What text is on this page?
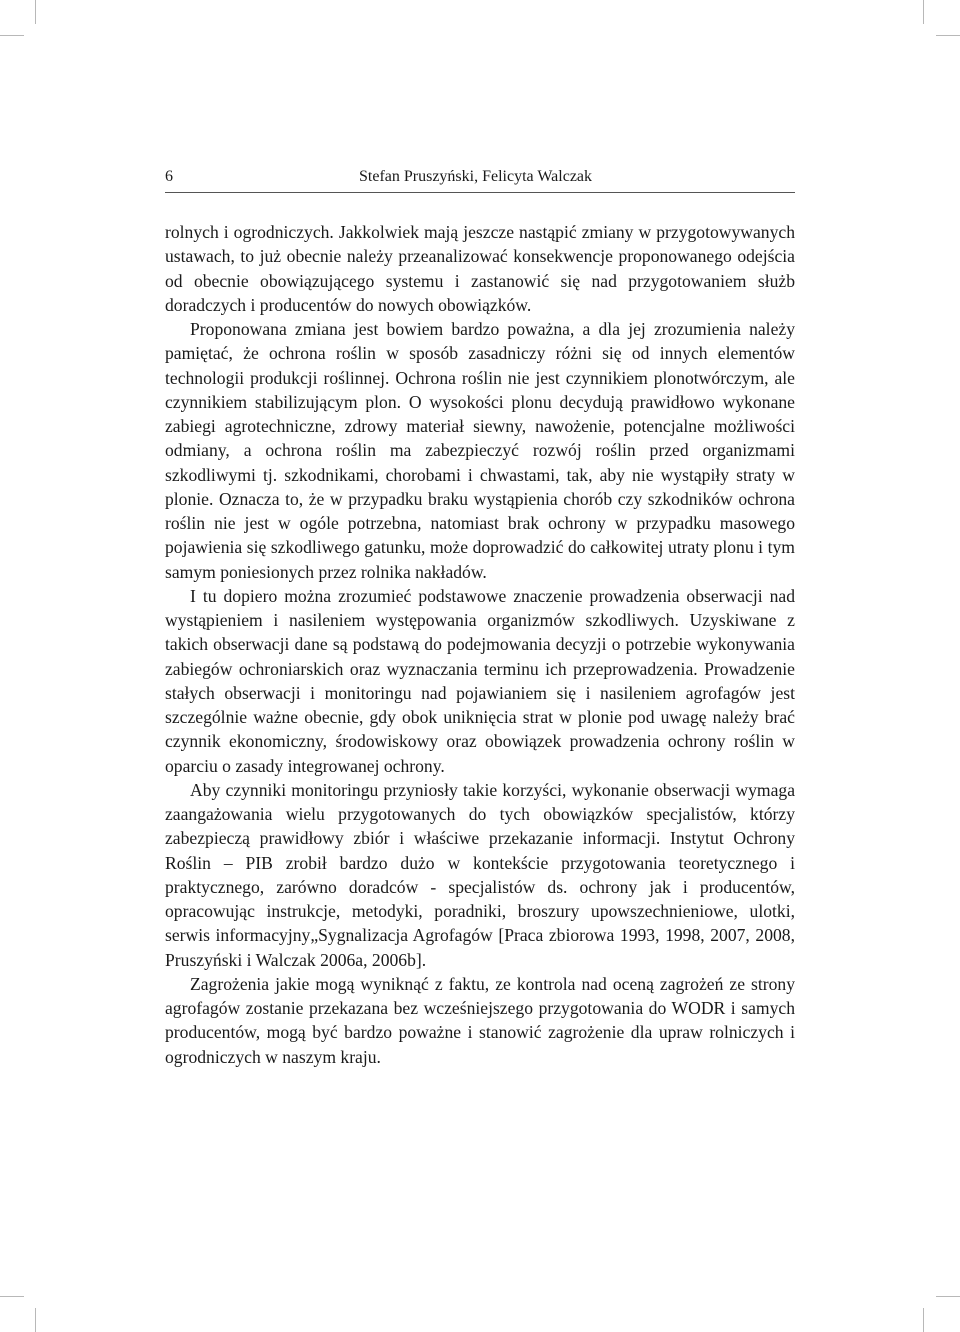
6	Stefan Pruszyński, Felicyta Walczak

rolnych i ogrodniczych. Jakkolwiek mają jeszcze nastąpić zmiany w przygotowywanych ustawach, to już obecnie należy przeanalizować konsekwencje proponowanego odejścia od obecnie obowiązującego systemu i zastanowić się nad przygotowaniem służb doradczych i producentów do nowych obowiązków.

Proponowana zmiana jest bowiem bardzo poważna, a dla jej zrozumienia należy pamiętać, że ochrona roślin w sposób zasadniczy różni się od innych elementów technologii produkcji roślinnej. Ochrona roślin nie jest czynnikiem plonotwórczym, ale czynnikiem stabilizującym plon. O wysokości plonu decydują prawidłowo wykonane zabiegi agrotechniczne, zdrowy materiał siewny, nawożenie, potencjalne możliwości odmiany, a ochrona roślin ma zabezpieczyć rozwój roślin przed organizmami szkodliwymi tj. szkodnikami, chorobami i chwastami, tak, aby nie wystąpiły straty w plonie. Oznacza to, że w przypadku braku wystąpienia chorób czy szkodników ochrona roślin nie jest w ogóle potrzebna, natomiast brak ochrony w przypadku masowego pojawienia się szkodliwego gatunku, może doprowadzić do całkowitej utraty plonu i tym samym poniesionych przez rolnika nakładów.

I tu dopiero można zrozumieć podstawowe znaczenie prowadzenia obserwacji nad wystąpieniem i nasileniem występowania organizmów szkodliwych. Uzyskiwane z takich obserwacji dane są podstawą do podejmowania decyzji o potrzebie wykonywania zabiegów ochroniarskich oraz wyznaczania terminu ich przeprowadzenia. Prowadzenie stałych obserwacji i monitoringu nad pojawianiem się i nasileniem agrofagów jest szczególnie ważne obecnie, gdy obok uniknięcia strat w plonie pod uwagę należy brać czynnik ekonomiczny, środowiskowy oraz obowiązek prowadzenia ochrony roślin w oparciu o zasady integrowanej ochrony.

Aby czynniki monitoringu przyniosły takie korzyści, wykonanie obserwacji wymaga zaangażowania wielu przygotowanych do tych obowiązków specjalistów, którzy zabezpieczą prawidłowy zbiór i właściwe przekazanie informacji. Instytut Ochrony Roślin – PIB zrobił bardzo dużo w kontekście przygotowania teoretycznego i praktycznego, zarówno doradców - specjalistów ds. ochrony jak i producentów, opracowując instrukcje, metodyki, poradniki, broszury upowszechnieniowe, ulotki, serwis informacyjny„Sygnalizacja Agrofagów [Praca zbiorowa 1993, 1998, 2007, 2008, Pruszyński i Walczak 2006a, 2006b].

Zagrożenia jakie mogą wyniknąć z faktu, ze kontrola nad oceną zagrożeń ze strony agrofagów zostanie przekazana bez wcześniejszego przygotowania do WODR i samych producentów, mogą być bardzo poważne i stanowić zagrożenie dla upraw rolniczych i ogrodniczych w naszym kraju.
